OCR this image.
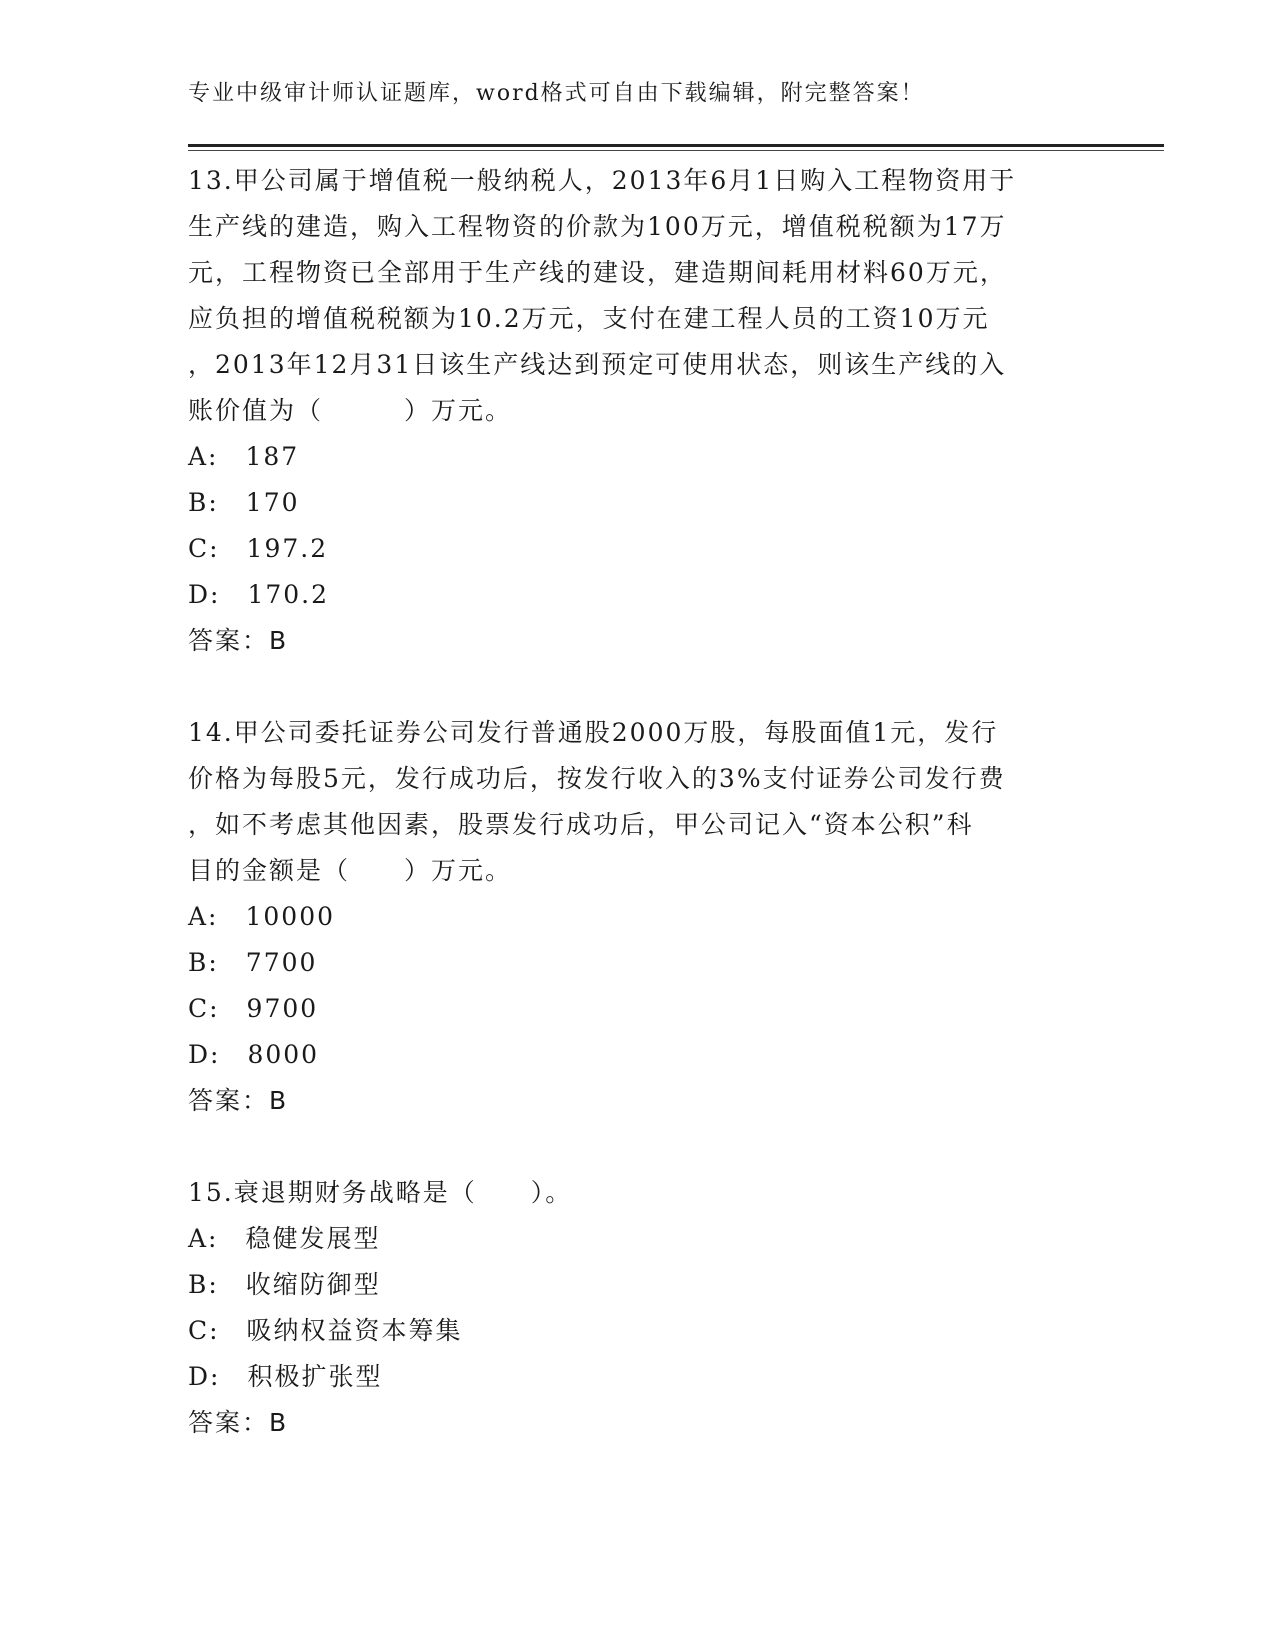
专业中级审计师认证题库，word格式可自由下载编辑，附完整答案！
13.甲公司属于增值税一般纳税人，2013年6月1日购入工程物资用于
生产线的建造，购入工程物资的价款为100万元，增值税税额为17万
元，工程物资已全部用于生产线的建设，建造期间耗用材料60万元，
应负担的增值税税额为10.2万元，支付在建工程人员的工资10万元
，2013年12月31日该生产线达到预定可使用状态，则该生产线的入
账价值为（　　　）万元。
A:　187
B:　170
C:　197.2
D:　170.2
答案：B
14.甲公司委托证券公司发行普通股2000万股，每股面值1元，发行
价格为每股5元，发行成功后，按发行收入的3%支付证券公司发行费
，如不考虑其他因素，股票发行成功后，甲公司记入“资本公积”科
目的金额是（　　）万元。
A:　10000
B:　7700
C:　9700
D:　8000
答案：B
15.衰退期财务战略是（　　）。
A:　稳健发展型
B:　收缩防御型
C:　吸纳权益资本筹集
D:　积极扩张型
答案：B
